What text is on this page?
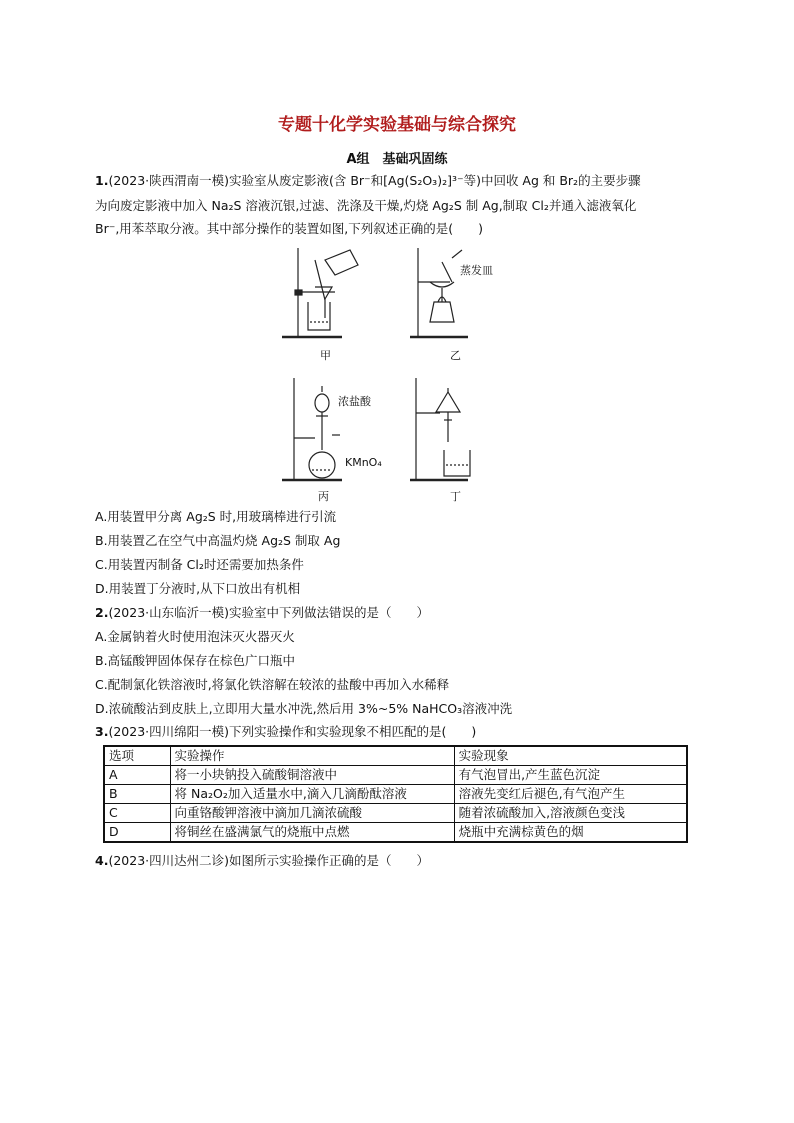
专题十化学实验基础与综合探究
A组　基础巩固练
1.(2023·陕西渭南一模)实验室从废定影液(含 Br⁻和[Ag(S₂O₃)₂]³⁻等)中回收 Ag 和 Br₂的主要步骤
为向废定影液中加入 Na₂S 溶液沉银,过滤、洗涤及干燥,灼烧 Ag₂S 制 Ag,制取 Cl₂并通入滤液氧化
Br⁻,用苯萃取分液。其中部分操作的装置如图,下列叙述正确的是(　　)
甲	乙
蒸发皿
浓盐酸
KMnO₄
丙	丁
A.用装置甲分离 Ag₂S 时,用玻璃棒进行引流
B.用装置乙在空气中高温灼烧 Ag₂S 制取 Ag
C.用装置丙制备 Cl₂时还需要加热条件
D.用装置丁分液时,从下口放出有机相
2.(2023·山东临沂一模)实验室中下列做法错误的是（　　）
A.金属钠着火时使用泡沫灭火器灭火
B.高锰酸钾固体保存在棕色广口瓶中
C.配制氯化铁溶液时,将氯化铁溶解在较浓的盐酸中再加入水稀释
D.浓硫酸沾到皮肤上,立即用大量水冲洗,然后用 3%~5% NaHCO₃溶液冲洗
3.(2023·四川绵阳一模)下列实验操作和实验现象不相匹配的是(　　)
选项	实验操作	实验现象
A	将一小块钠投入硫酸铜溶液中	有气泡冒出,产生蓝色沉淀
B	将 Na₂O₂加入适量水中,滴入几滴酚酞溶液	溶液先变红后褪色,有气泡产生
C	向重铬酸钾溶液中滴加几滴浓硫酸	随着浓硫酸加入,溶液颜色变浅
D	将铜丝在盛满氯气的烧瓶中点燃	烧瓶中充满棕黄色的烟
4.(2023·四川达州二诊)如图所示实验操作正确的是（　　）
